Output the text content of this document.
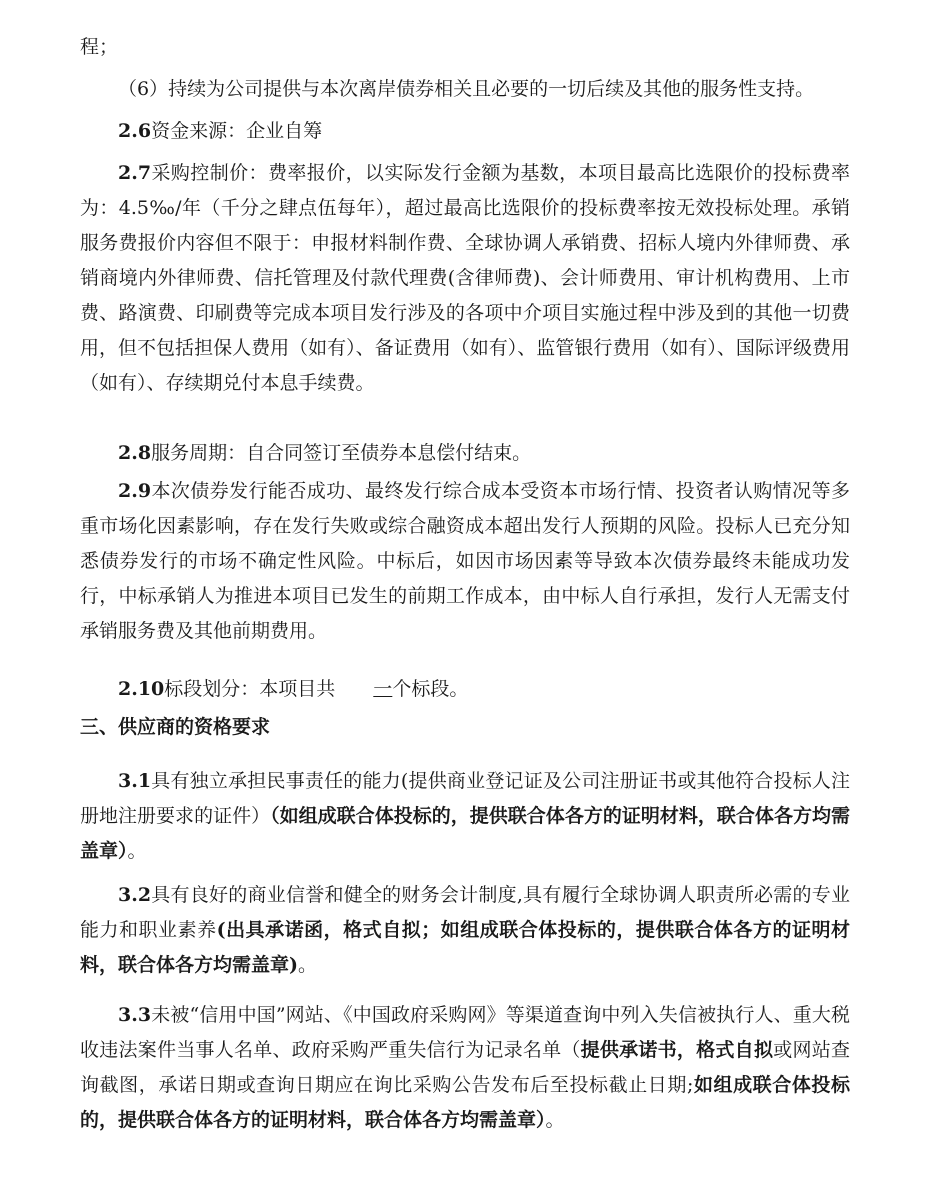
程；

（6）持续为公司提供与本次离岸债券相关且必要的一切后续及其他的服务性支持。

2.6资金来源：企业自筹

2.7采购控制价：费率报价，以实际发行金额为基数，本项目最高比选限价的投标费率为：4.5‰/年（千分之肆点伍每年），超过最高比选限价的投标费率按无效投标处理。承销服务费报价内容但不限于：申报材料制作费、全球协调人承销费、招标人境内外律师费、承销商境内外律师费、信托管理及付款代理费(含律师费)、会计师费用、审计机构费用、上市费、路演费、印刷费等完成本项目发行涉及的各项中介项目实施过程中涉及到的其他一切费用，但不包括担保人费用（如有）、备证费用（如有）、监管银行费用（如有）、国际评级费用（如有）、存续期兑付本息手续费。

2.8服务周期：自合同签订至债券本息偿付结束。

2.9本次债券发行能否成功、最终发行综合成本受资本市场行情、投资者认购情况等多重市场化因素影响，存在发行失败或综合融资成本超出发行人预期的风险。投标人已充分知悉债券发行的市场不确定性风险。中标后，如因市场因素等导致本次债券最终未能成功发行，中标承销人为推进本项目已发生的前期工作成本，由中标人自行承担，发行人无需支付承销服务费及其他前期费用。

2.10标段划分：本项目共 一个标段。

三、供应商的资格要求

3.1具有独立承担民事责任的能力(提供商业登记证及公司注册证书或其他符合投标人注册地注册要求的证件）（如组成联合体投标的，提供联合体各方的证明材料，联合体各方均需盖章）。

3.2具有良好的商业信誉和健全的财务会计制度,具有履行全球协调人职责所必需的专业能力和职业素养(出具承诺函，格式自拟；如组成联合体投标的，提供联合体各方的证明材料，联合体各方均需盖章)。

3.3未被“信用中国”网站、《中国政府采购网》等渠道查询中列入失信被执行人、重大税收违法案件当事人名单、政府采购严重失信行为记录名单（提供承诺书，格式自拟或网站查询截图，承诺日期或查询日期应在询比采购公告发布后至投标截止日期;如组成联合体投标的，提供联合体各方的证明材料，联合体各方均需盖章）。
